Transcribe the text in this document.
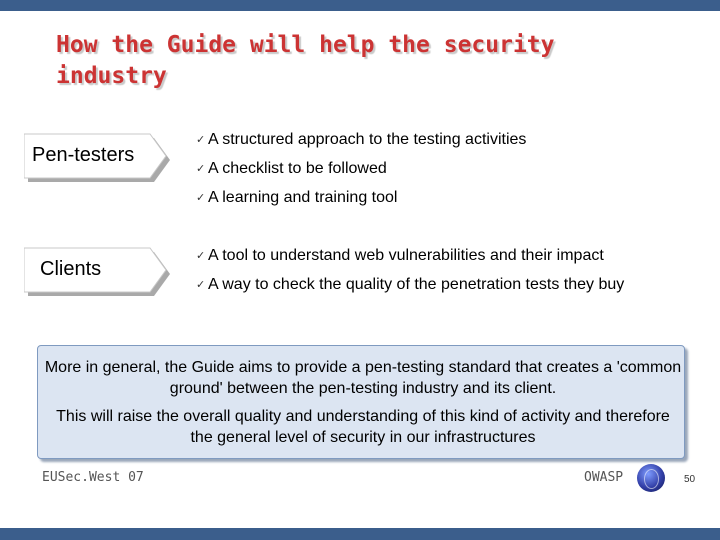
How the Guide will help the security industry
Pen-testers
Clients
✓ A structured approach to the testing activities
✓ A checklist to be followed
✓ A learning and training tool
✓ A tool to understand web vulnerabilities and their impact
✓ A way to check the quality of the penetration tests they buy
More in general, the Guide aims to provide a pen-testing standard that creates a 'common ground' between the pen-testing industry and its client.
This will raise the overall quality and understanding of this kind of activity and therefore the general level of security in our infrastructures
EUSec.West 07	OWASP	50
